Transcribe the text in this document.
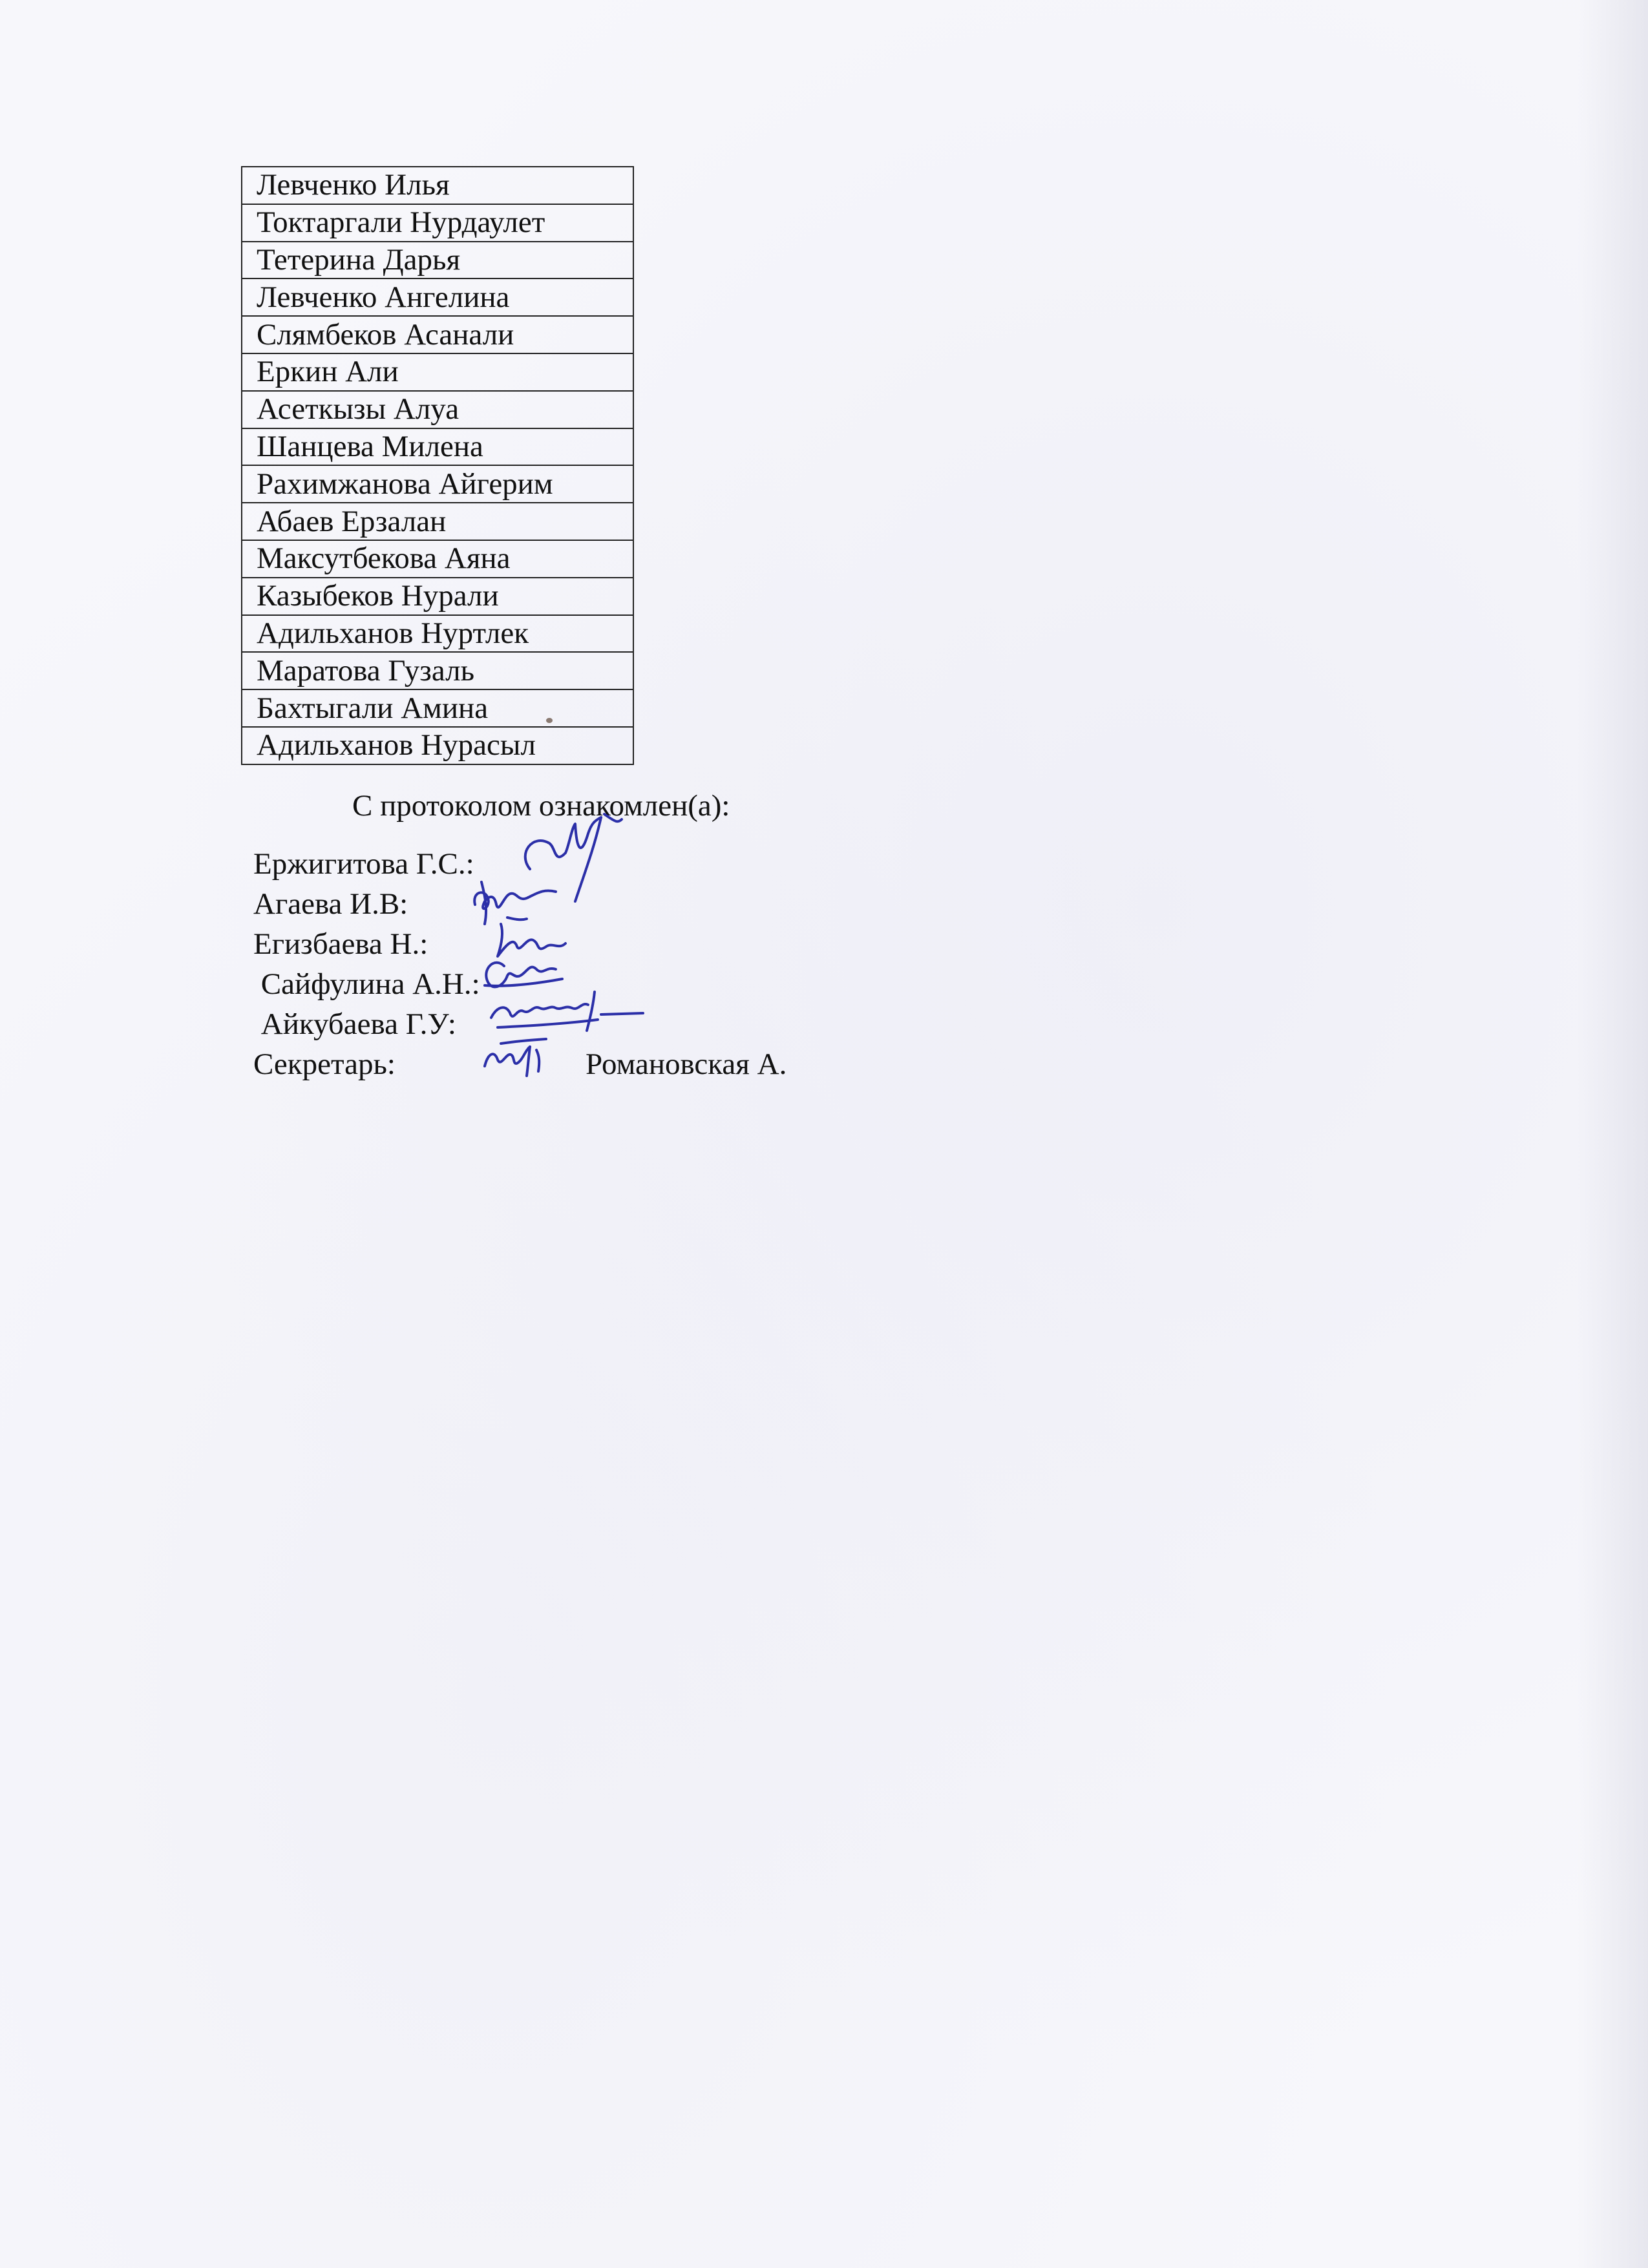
Левченко Илья
Токтаргали Нурдаулет
Тетерина Дарья
Левченко Ангелина
Слямбеков Асанали
Еркин Али
Асеткызы Алуа
Шанцева Милена
Рахимжанова Айгерим
Абаев Ерзалан
Максутбекова Аяна
Казыбеков Нурали
Адильханов Нуртлек
Маратова Гузаль
Бахтыгали Амина
Адильханов Нурасыл
С протоколом ознакомлен(а):
Ержигитова Г.С.:
Агаева И.В:
Егизбаева Н.:
Сайфулина А.Н.:
Айкубаева Г.У:
Секретарь:	Романовская А.
